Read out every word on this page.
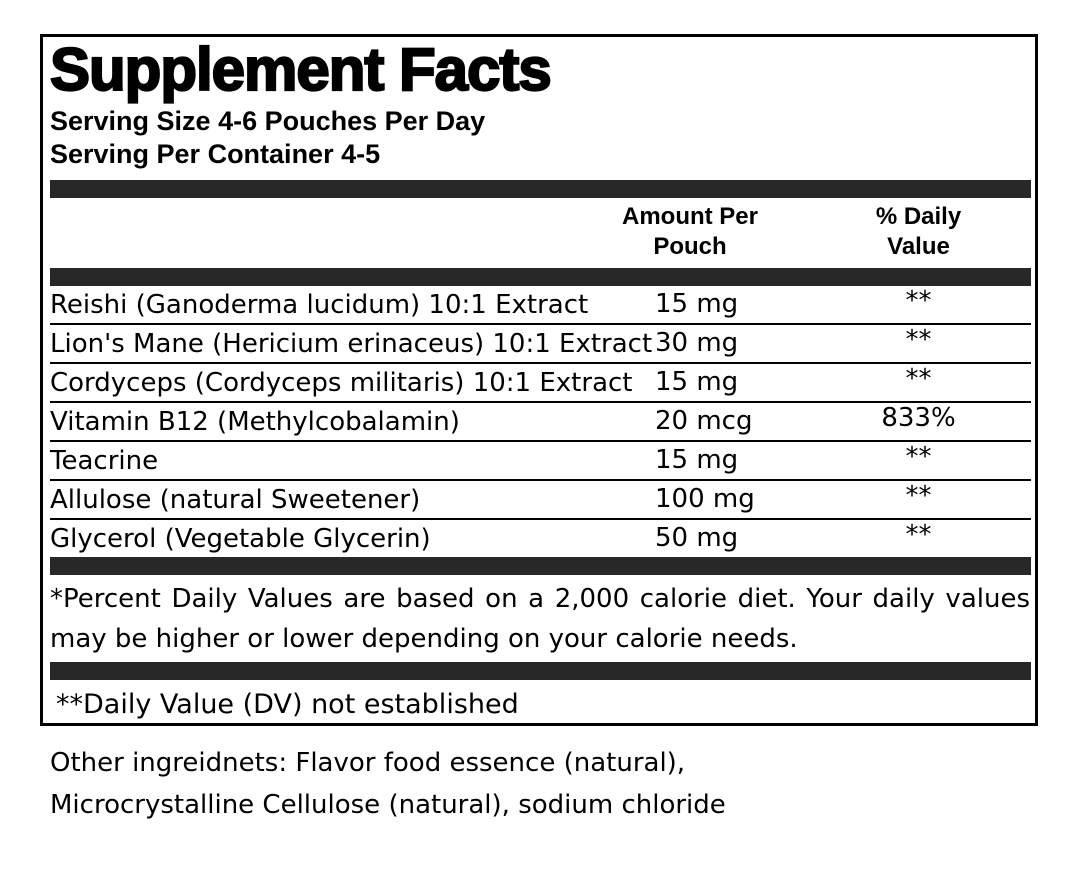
Supplement Facts
Serving Size 4-6 Pouches Per Day
Serving Per Container 4-5
Amount Per
Pouch
% Daily
Value
Reishi (Ganoderma lucidum) 10:1 Extract	15 mg	**
Lion's Mane (Hericium erinaceus) 10:1 Extract 30 mg	**
Cordyceps (Cordyceps militaris) 10:1 Extract 15 mg	**
Vitamin B12 (Methylcobalamin)	20 mcg	833%
Teacrine	15 mg	**
Allulose (natural Sweetener)	100 mg	**
Glycerol (Vegetable Glycerin)	50 mg	**

*Percent Daily Values are based on a 2,000 calorie diet. Your daily values may be higher or lower depending on your calorie needs.

**Daily Value (DV) not established

Other ingreidnets: Flavor food essence (natural),
Microcrystalline Cellulose (natural), sodium chloride
